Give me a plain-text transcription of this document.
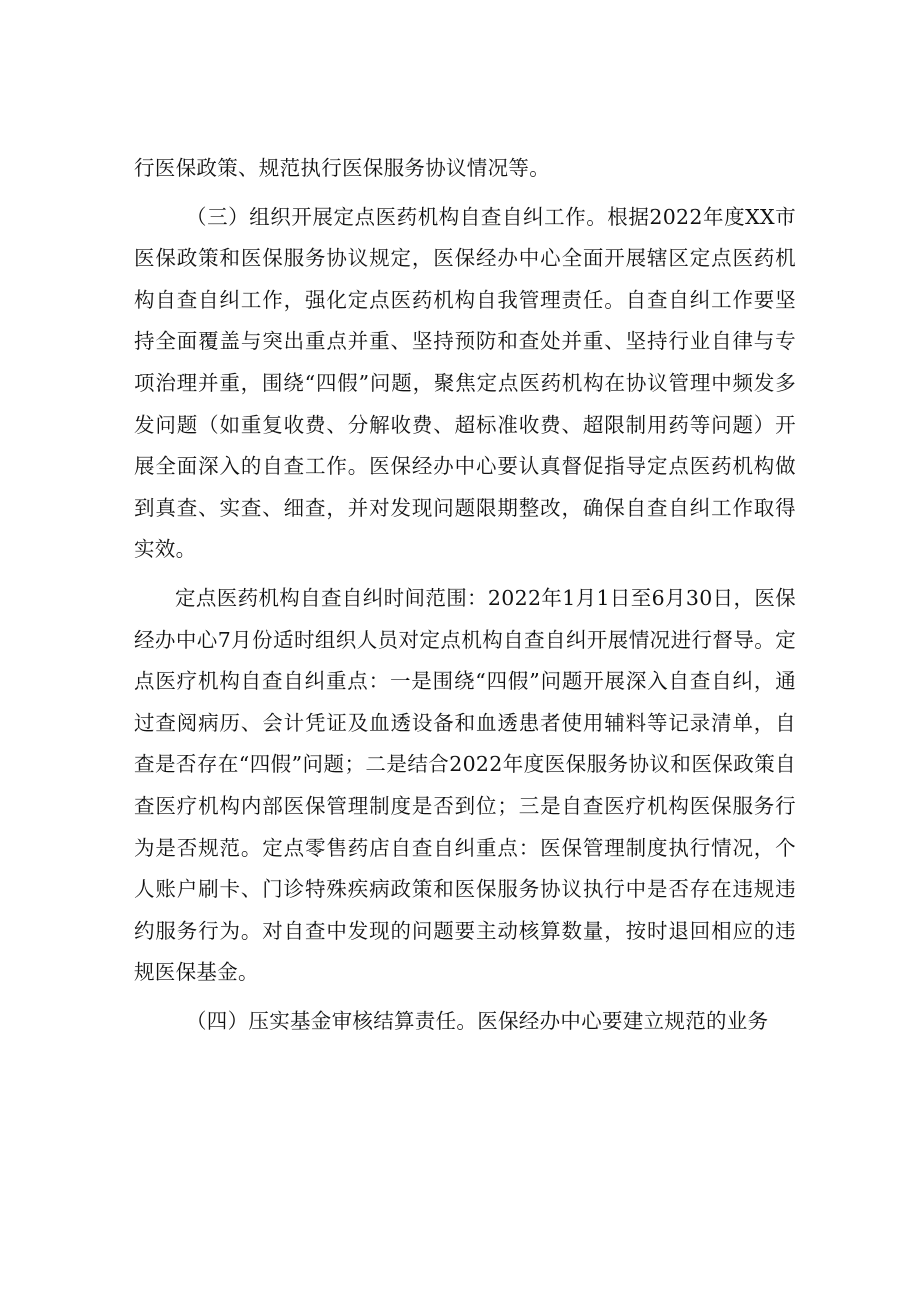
行医保政策、规范执行医保服务协议情况等。

（三）组织开展定点医药机构自查自纠工作。根据2022年度XX市医保政策和医保服务协议规定，医保经办中心全面开展辖区定点医药机构自查自纠工作，强化定点医药机构自我管理责任。自查自纠工作要坚持全面覆盖与突出重点并重、坚持预防和查处并重、坚持行业自律与专项治理并重，围绕“四假”问题，聚焦定点医药机构在协议管理中频发多发问题（如重复收费、分解收费、超标准收费、超限制用药等问题）开展全面深入的自查工作。医保经办中心要认真督促指导定点医药机构做到真查、实查、细查，并对发现问题限期整改，确保自查自纠工作取得实效。

定点医药机构自查自纠时间范围：2022年1月1日至6月30日，医保经办中心7月份适时组织人员对定点机构自查自纠开展情况进行督导。定点医疗机构自查自纠重点：一是围绕“四假”问题开展深入自查自纠，通过查阅病历、会计凭证及血透设备和血透患者使用辅料等记录清单，自查是否存在“四假”问题；二是结合2022年度医保服务协议和医保政策自查医疗机构内部医保管理制度是否到位；三是自查医疗机构医保服务行为是否规范。定点零售药店自查自纠重点：医保管理制度执行情况，个人账户刷卡、门诊特殊疾病政策和医保服务协议执行中是否存在违规违约服务行为。对自查中发现的问题要主动核算数量，按时退回相应的违规医保基金。

（四）压实基金审核结算责任。医保经办中心要建立规范的业务
